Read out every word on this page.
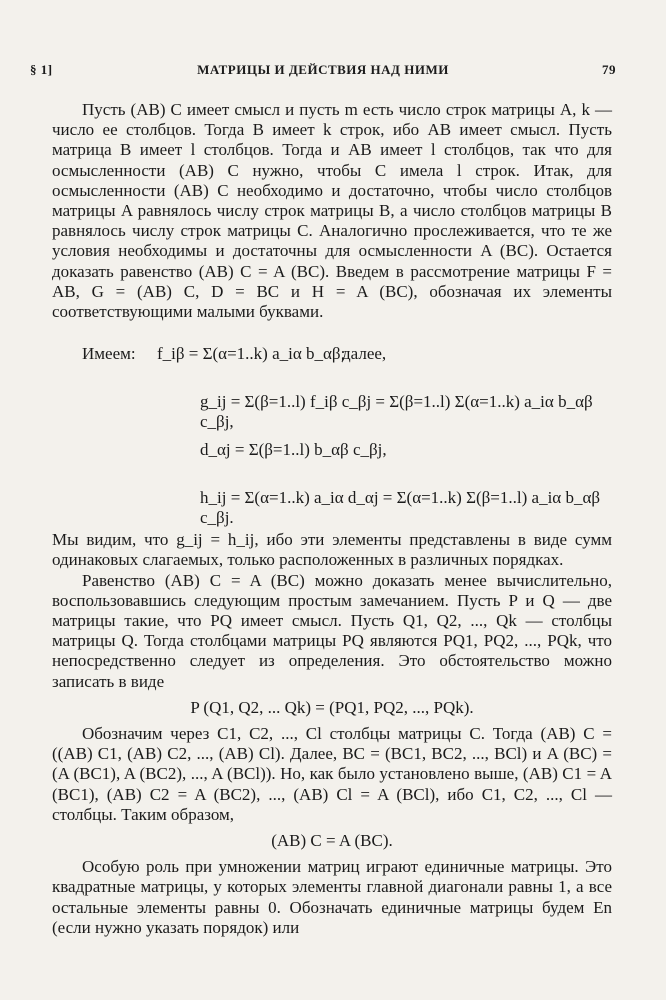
§ 1]	МАТРИЦЫ И ДЕЙСТВИЯ НАД НИМИ	79

Пусть (AB) C имеет смысл и пусть m есть число строк матрицы A, k — число ее столбцов. Тогда B имеет k строк, ибо AB имеет смысл. Пусть матрица B имеет l столбцов. Тогда и AB имеет l столбцов, так что для осмысленности (AB) C нужно, чтобы C имела l строк. Итак, для осмысленности (AB) C необходимо и достаточно, чтобы число столбцов матрицы A равнялось числу строк матрицы B, а число столбцов матрицы B равнялось числу строк матрицы C. Аналогично прослеживается, что те же условия необходимы и достаточны для осмысленности A (BC). Остается доказать равенство (AB) C = A (BC). Введем в рассмотрение матрицы F = AB, G = (AB) C, D = BC и H = A (BC), обозначая их элементы соответствующими малыми буквами.

Имеем: f_iβ = Σ(α=1..k) a_iα b_αβ;
далее,
g_ij = Σ(β=1..l) f_iβ c_βj = Σ(β=1..l) Σ(α=1..k) a_iα b_αβ c_βj,
d_αj = Σ(β=1..l) b_αβ c_βj,
h_ij = Σ(α=1..k) a_iα d_αj = Σ(α=1..k) Σ(β=1..l) a_iα b_αβ c_βj.

Мы видим, что g_ij = h_ij, ибо эти элементы представлены в виде сумм одинаковых слагаемых, только расположенных в различных порядках.

Равенство (AB) C = A (BC) можно доказать менее вычислительно, воспользовавшись следующим простым замечанием. Пусть P и Q — две матрицы такие, что PQ имеет смысл. Пусть Q1, Q2, ..., Qk — столбцы матрицы Q. Тогда столбцами матрицы PQ являются PQ1, PQ2, ..., PQk, что непосредственно следует из определения. Это обстоятельство можно записать в виде

P (Q1, Q2, ... Qk) = (PQ1, PQ2, ..., PQk).

Обозначим через C1, C2, ..., Cl столбцы матрицы C. Тогда (AB) C = ((AB) C1, (AB) C2, ..., (AB) Cl). Далее, BC = (BC1, BC2, ..., BCl) и A (BC) = (A (BC1), A (BC2), ..., A (BCl)). Но, как было установлено выше, (AB) C1 = A (BC1), (AB) C2 = A (BC2), ..., (AB) Cl = A (BCl), ибо C1, C2, ..., Cl — столбцы. Таким образом,

(AB) C = A (BC).

Особую роль при умножении матриц играют единичные матрицы. Это квадратные матрицы, у которых элементы главной диагонали равны 1, а все остальные элементы равны 0. Обозначать единичные матрицы будем En (если нужно указать порядок) или
